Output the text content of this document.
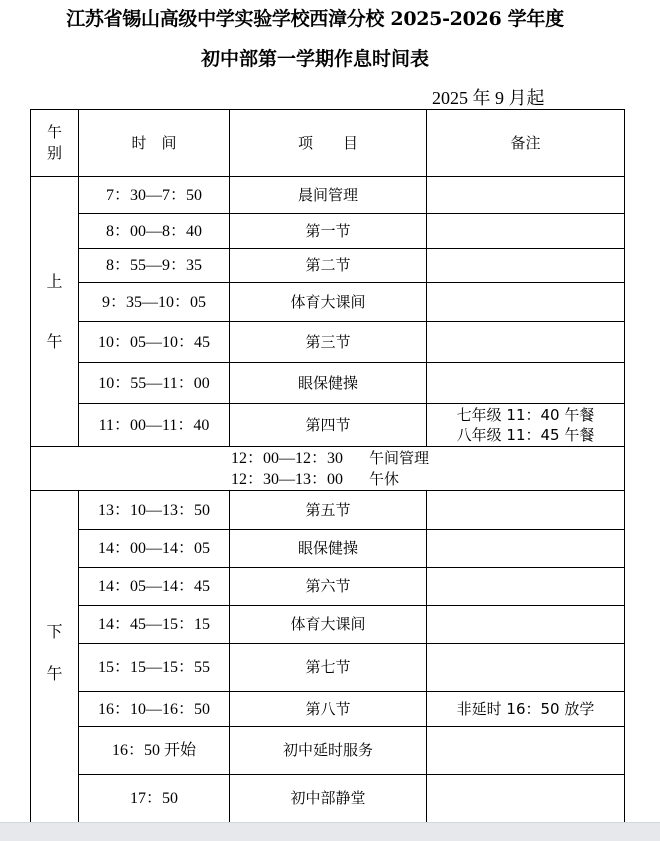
江苏省锡山高级中学实验学校西漳分校 2025-2026 学年度
初中部第一学期作息时间表
2025 年 9 月起
午别	时　间	项　　目	备注

上
午	7：30—7：50	晨间管理	
	8：00—8：40	第一节	
	8：55—9：35	第二节	
	9：35—10：05	体育大课间	
	10：05—10：45	第三节	
	10：55—11：00	眼保健操	
	11：00—11：40	第四节	七年级 11：40 午餐
八年级 11：45 午餐

12：00—12：30 午间管理
12：30—13：00 午休			

下
午	13：10—13：50	第五节	
	14：00—14：05	眼保健操	
	14：05—14：45	第六节	
	14：45—15：15	体育大课间	
	15：15—15：55	第七节	
	16：10—16：50	第八节	非延时 16：50 放学
	16：50 开始	初中延时服务	
	17：50	初中部静堂	
